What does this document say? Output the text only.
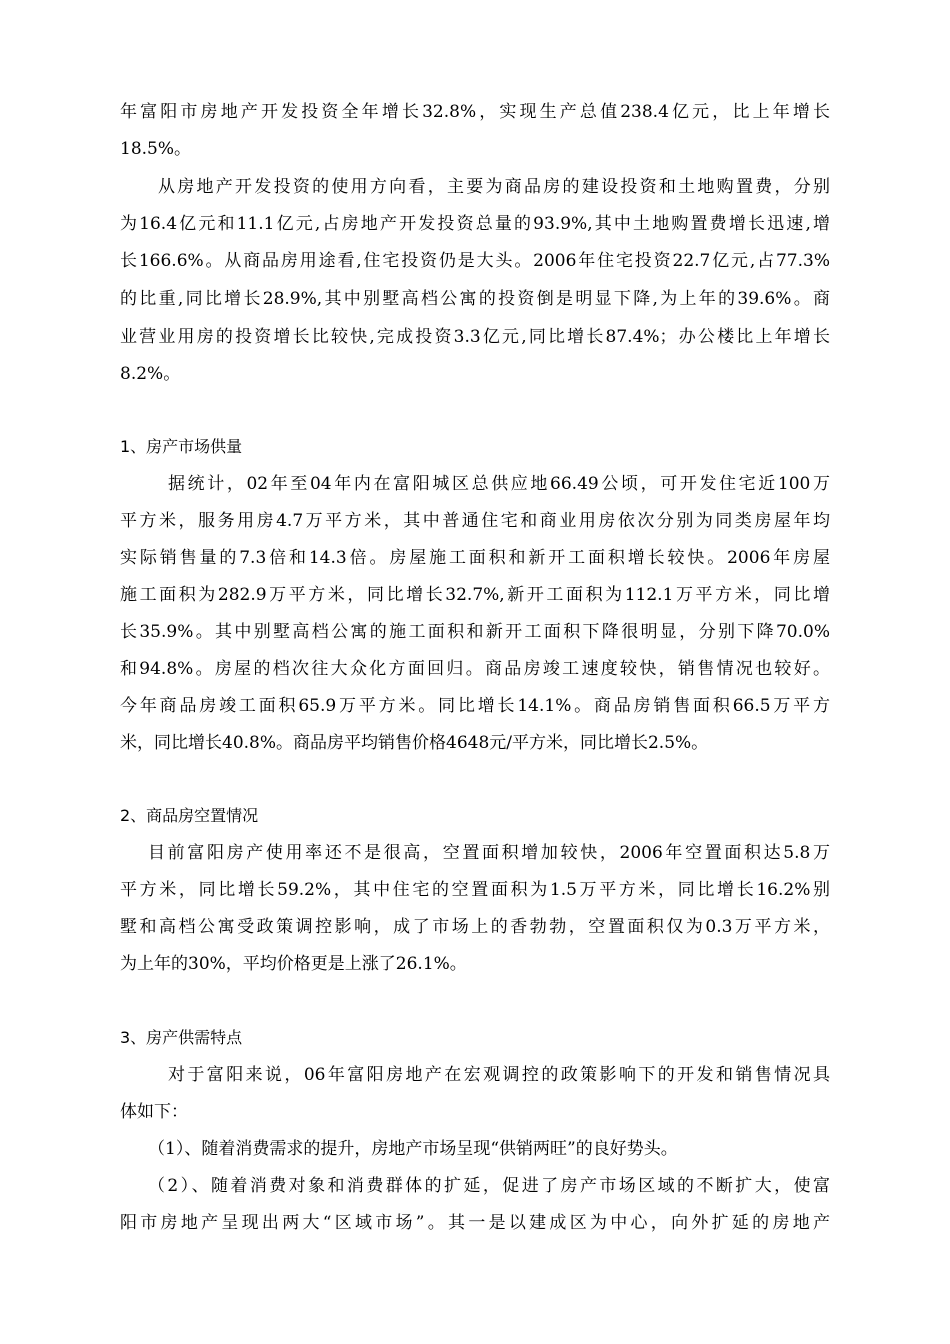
年富阳市房地产开发投资全年增长32.8%，实现生产总值238.4亿元，比上年增长
18.5%。
从房地产开发投资的使用方向看，主要为商品房的建设投资和土地购置费，分别
为16.4亿元和11.1亿元,占房地产开发投资总量的93.9%,其中土地购置费增长迅速,增
长166.6%。从商品房用途看,住宅投资仍是大头。2006年住宅投资22.7亿元,占77.3%
的比重,同比增长28.9%,其中别墅高档公寓的投资倒是明显下降,为上年的39.6%。商
业营业用房的投资增长比较快,完成投资3.3亿元,同比增长87.4%；办公楼比上年增长
8.2%。
1、房产市场供量
据统计，02年至04年内在富阳城区总供应地66.49公顷，可开发住宅近100万
平方米，服务用房4.7万平方米，其中普通住宅和商业用房依次分别为同类房屋年均
实际销售量的7.3倍和14.3倍。房屋施工面积和新开工面积增长较快。2006年房屋
施工面积为282.9万平方米，同比增长32.7%,新开工面积为112.1万平方米，同比增
长35.9%。其中别墅高档公寓的施工面积和新开工面积下降很明显，分别下降70.0%
和94.8%。房屋的档次往大众化方面回归。商品房竣工速度较快，销售情况也较好。
今年商品房竣工面积65.9万平方米。同比增长14.1%。商品房销售面积66.5万平方
米，同比增长40.8%。商品房平均销售价格4648元/平方米，同比增长2.5%。
2、商品房空置情况
目前富阳房产使用率还不是很高，空置面积增加较快，2006年空置面积达5.8万
平方米，同比增长59.2%，其中住宅的空置面积为1.5万平方米，同比增长16.2%别
墅和高档公寓受政策调控影响，成了市场上的香勃勃，空置面积仅为0.3万平方米，
为上年的30%，平均价格更是上涨了26.1%。
3、房产供需特点
对于富阳来说，06年富阳房地产在宏观调控的政策影响下的开发和销售情况具
体如下：
（1）、随着消费需求的提升，房地产市场呈现“供销两旺”的良好势头。
（2）、随着消费对象和消费群体的扩延，促进了房产市场区域的不断扩大，使富
阳市房地产呈现出两大“区域市场”。其一是以建成区为中心，向外扩延的房地产
